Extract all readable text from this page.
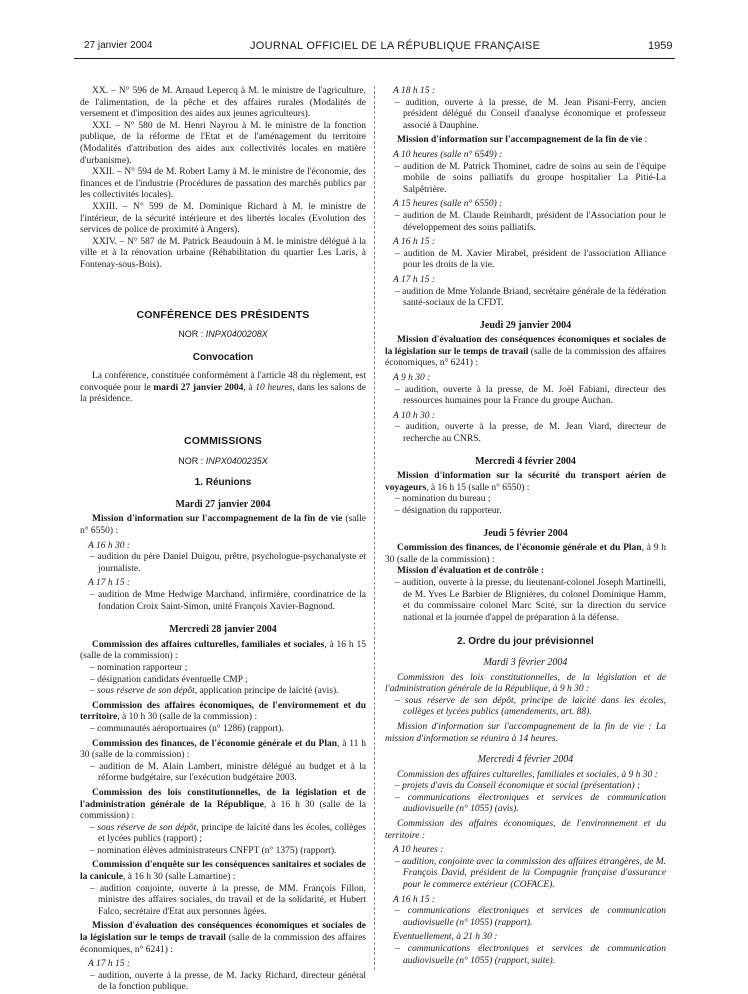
27 janvier 2004	JOURNAL OFFICIEL DE LA RÉPUBLIQUE FRANÇAISE	1959

XX. – N° 596 de M. Arnaud Lepercq à M. le ministre de l'agriculture, de l'alimentation, de la pêche et des affaires rurales (Modalités de versement et d'imposition des aides aux jeunes agriculteurs).

XXI. – N° 580 de M. Henri Nayrou à M. le ministre de la fonction publique, de la réforme de l'Etat et de l'aménagement du territoire (Modalités d'attribution des aides aux collectivités locales en matière d'urbanisme).

XXII. – N° 594 de M. Robert Lamy à M. le ministre de l'économie, des finances et de l'industrie (Procédures de passation des marchés publics par les collectivités locales).

XXIII. – N° 599 de M. Dominique Richard à M. le ministre de l'intérieur, de la sécurité intérieure et des libertés locales (Evolution des services de police de proximité à Angers).

XXIV. – N° 587 de M. Patrick Beaudouin à M. le ministre délégué à la ville et à la rénovation urbaine (Réhabilitation du quartier Les Laris, à Fontenay-sous-Bois).

CONFÉRENCE DES PRÉSIDENTS

NOR : INPX0400208X

Convocation

La conférence, constituée conformément à l'article 48 du règlement, est convoquée pour le mardi 27 janvier 2004, à 10 heures, dans les salons de la présidence.

COMMISSIONS

NOR : INPX0400235X

1. Réunions

Mardi 27 janvier 2004

Mission d'information sur l'accompagnement de la fin de vie (salle n° 6550) :

A 16 h 30 :

– audition du père Daniel Duigou, prêtre, psychologue-psychanalyste et journaliste.

A 17 h 15 :

– audition de Mme Hedwige Marchand, infirmière, coordinatrice de la fondation Croix Saint-Simon, unité François Xavier-Bagnoud.

Mercredi 28 janvier 2004

Commission des affaires culturelles, familiales et sociales, à 16 h 15 (salle de la commission) :

– nomination rapporteur ;

– désignation candidats éventuelle CMP ;

– sous réserve de son dépôt, application principe de laïcité (avis).

Commission des affaires économiques, de l'environnement et du territoire, à 10 h 30 (salle de la commission) :

– communautés aéroportuaires (n° 1286) (rapport).

Commission des finances, de l'économie générale et du Plan, à 11 h 30 (salle de la commission) :

– audition de M. Alain Lambert, ministre délégué au budget et à la réforme budgétaire, sur l'exécution budgétaire 2003.

Commission des lois constitutionnelles, de la législation et de l'administration générale de la République, à 16 h 30 (salle de la commission) :

– sous réserve de son dépôt, principe de laïcité dans les écoles, collèges et lycées publics (rapport) ;

– nomination élèves administrateurs CNFPT (n° 1375) (rapport).

Commission d'enquête sur les conséquences sanitaires et sociales de la canicule, à 16 h 30 (salle Lamartine) :

– audition conjointe, ouverte à la presse, de MM. François Fillon, ministre des affaires sociales, du travail et de la solidarité, et Hubert Falco, secrétaire d'Etat aux personnes âgées.

Mission d'évaluation des conséquences économiques et sociales de la législation sur le temps de travail (salle de la commission des affaires économiques, n° 6241) :

A 17 h 15 :

– audition, ouverte à la presse, de M. Jacky Richard, directeur général de la fonction publique.

A 18 h 15 :

– audition, ouverte à la presse, de M. Jean Pisani-Ferry, ancien président délégué du Conseil d'analyse économique et professeur associé à Dauphine.

Mission d'information sur l'accompagnement de la fin de vie :

A 10 heures (salle n° 6549) :

– audition de M. Patrick Thominet, cadre de soins au sein de l'équipe mobile de soins palliatifs du groupe hospitalier La Pitié-La Salpêtrière.

A 15 heures (salle n° 6550) :

– audition de M. Claude Reinhardt, président de l'Association pour le développement des soins palliatifs.

A 16 h 15 :

– audition de M. Xavier Mirabel, président de l'association Alliance pour les droits de la vie.

A 17 h 15 :

– audition de Mme Yolande Briand, secrétaire générale de la fédération santé-sociaux de la CFDT.

Jeudi 29 janvier 2004

Mission d'évaluation des conséquences économiques et sociales de la législation sur le temps de travail (salle de la commission des affaires économiques, n° 6241) :

A 9 h 30 :

– audition, ouverte à la presse, de M. Joël Fabiani, directeur des ressources humaines pour la France du groupe Auchan.

A 10 h 30 :

– audition, ouverte à la presse, de M. Jean Viard, directeur de recherche au CNRS.

Mercredi 4 février 2004

Mission d'information sur la sécurité du transport aérien de voyageurs, à 16 h 15 (salle n° 6550) :

– nomination du bureau ;

– désignation du rapporteur.

Jeudi 5 février 2004

Commission des finances, de l'économie générale et du Plan, à 9 h 30 (salle de la commission) :

Mission d'évaluation et de contrôle :

– audition, ouverte à la presse, du lieutenant-colonel Joseph Martinelli, de M. Yves Le Barbier de Blignières, du colonel Dominique Hamm, et du commissaire colonel Marc Scité, sur la direction du service national et la journée d'appel de préparation à la défense.

2. Ordre du jour prévisionnel

Mardi 3 février 2004

Commission des lois constitutionnelles, de la législation et de l'administration générale de la République, à 9 h 30 :

– sous réserve de son dépôt, principe de laïcité dans les écoles, collèges et lycées publics (amendements, art. 88).

Mission d'information sur l'accompagnement de la fin de vie : La mission d'information se réunira à 14 heures.

Mercredi 4 février 2004

Commission des affaires culturelles, familiales et sociales, à 9 h 30 :

– projets d'avis du Conseil économique et social (présentation) ;

– communications électroniques et services de communication audiovisuelle (n° 1055) (avis).

Commission des affaires économiques, de l'environnement et du territoire :

A 10 heures :

– audition, conjointe avec la commission des affaires étrangères, de M. François David, président de la Compagnie française d'assurance pour le commerce extérieur (COFACE).

A 16 h 15 :

– communications électroniques et services de communication audiovisuelle (n° 1055) (rapport).

Eventuellement, à 21 h 30 :

– communications électroniques et services de communication audiovisuelle (n° 1055) (rapport, suite).
